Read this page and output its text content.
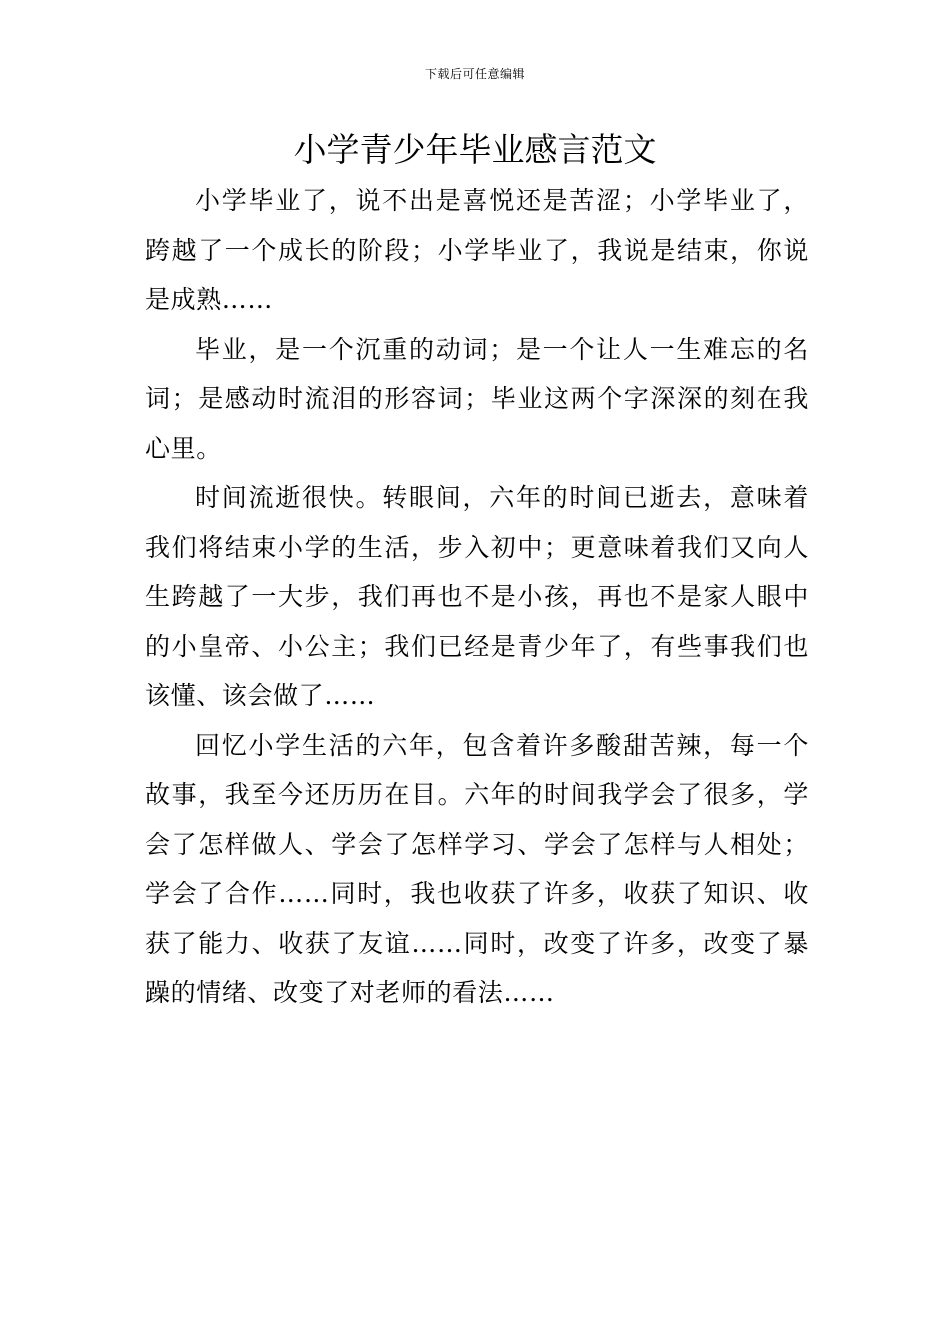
下载后可任意编辑
小学青少年毕业感言范文

小学毕业了，说不出是喜悦还是苦涩；小学毕业了，跨越了一个成长的阶段；小学毕业了，我说是结束，你说是成熟……

毕业，是一个沉重的动词；是一个让人一生难忘的名词；是感动时流泪的形容词；毕业这两个字深深的刻在我心里。

时间流逝很快。转眼间，六年的时间已逝去，意味着我们将结束小学的生活，步入初中；更意味着我们又向人生跨越了一大步，我们再也不是小孩，再也不是家人眼中的小皇帝、小公主；我们已经是青少年了，有些事我们也该懂、该会做了……

回忆小学生活的六年，包含着许多酸甜苦辣，每一个故事，我至今还历历在目。六年的时间我学会了很多，学会了怎样做人、学会了怎样学习、学会了怎样与人相处；学会了合作……同时，我也收获了许多，收获了知识、收获了能力、收获了友谊……同时，改变了许多，改变了暴躁的情绪、改变了对老师的看法……
